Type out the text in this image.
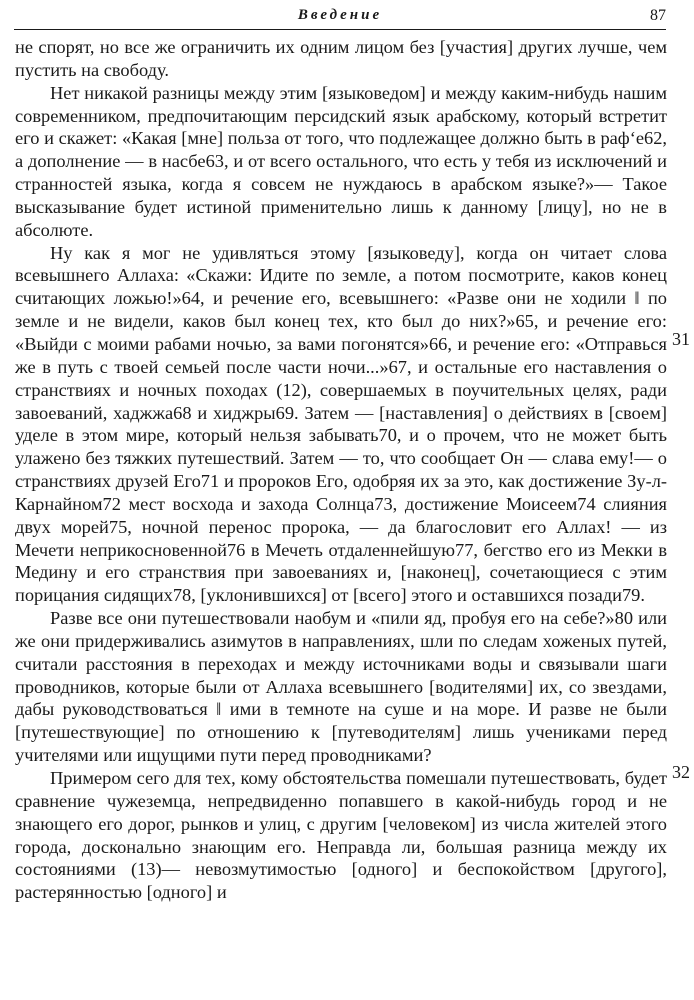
Введение	87

не спорят, но все же ограничить их одним лицом без [участия] других лучше, чем пустить на свободу.

Нет никакой разницы между этим [языковедом] и между каким-нибудь нашим современником, предпочитающим персидский язык арабскому, который встретит его и скажет: «Какая [мне] польза от того, что подлежащее должно быть в раф‘е62, а дополнение — в насбе63, и от всего остального, что есть у тебя из исключений и странностей языка, когда я совсем не нуждаюсь в арабском языке?»— Такое высказывание будет истиной применительно лишь к данному [лицу], но не в абсолюте.

Ну как я мог не удивляться этому [языковеду], когда он читает слова всевышнего Аллаха: «Скажи: Идите по земле, а потом посмотрите, каков конец считающих ложью!»64, и речение его, всевышнего: «Разве они не ходили ‖ по земле и не видели, каков был конец тех, кто был до них?»65, и речение его: «Выйди с моими рабами ночью, за вами погонятся»66, и речение его: «Отправься же в путь с твоей семьей после части ночи...»67, и остальные его наставления о странствиях и ночных походах (12), совершаемых в поучительных целях, ради завоеваний, хаджжа68 и хиджры69. Затем — [наставления] о действиях в [своем] уделе в этом мире, который нельзя забывать70, и о прочем, что не может быть улажено без тяжких путешествий. Затем — то, что сообщает Он — слава ему!— о странствиях друзей Его71 и пророков Его, одобряя их за это, как достижение Зу-л-Карнайном72 мест восхода и захода Солнца73, достижение Моисеем74 слияния двух морей75, ночной перенос пророка, — да благословит его Аллах! — из Мечети неприкосновенной76 в Мечеть отдаленнейшую77, бегство его из Мекки в Медину и его странствия при завоеваниях и, [наконец], сочетающиеся с этим порицания сидящих78, [уклонившихся] от [всего] этого и оставшихся позади79.

Разве все они путешествовали наобум и «пили яд, пробуя его на себе?»80 или же они придерживались азимутов в направлениях, шли по следам хоженых путей, считали расстояния в переходах и между источниками воды и связывали шаги проводников, которые были от Аллаха всевышнего [водителями] их, со звездами, дабы руководствоваться ‖ ими в темноте на суше и на море. И разве не были [путешествующие] по отношению к [путеводителям] лишь учениками перед учителями или ищущими пути перед проводниками?

Примером сего для тех, кому обстоятельства помешали путешествовать, будет сравнение чужеземца, непредвиденно попавшего в какой-нибудь город и не знающего его дорог, рынков и улиц, с другим [человеком] из числа жителей этого города, досконально знающим его. Неправда ли, большая разница между их состояниями (13)— невозмутимостью [одного] и беспокойством [другого], растерянностью [одного] и

31
32
